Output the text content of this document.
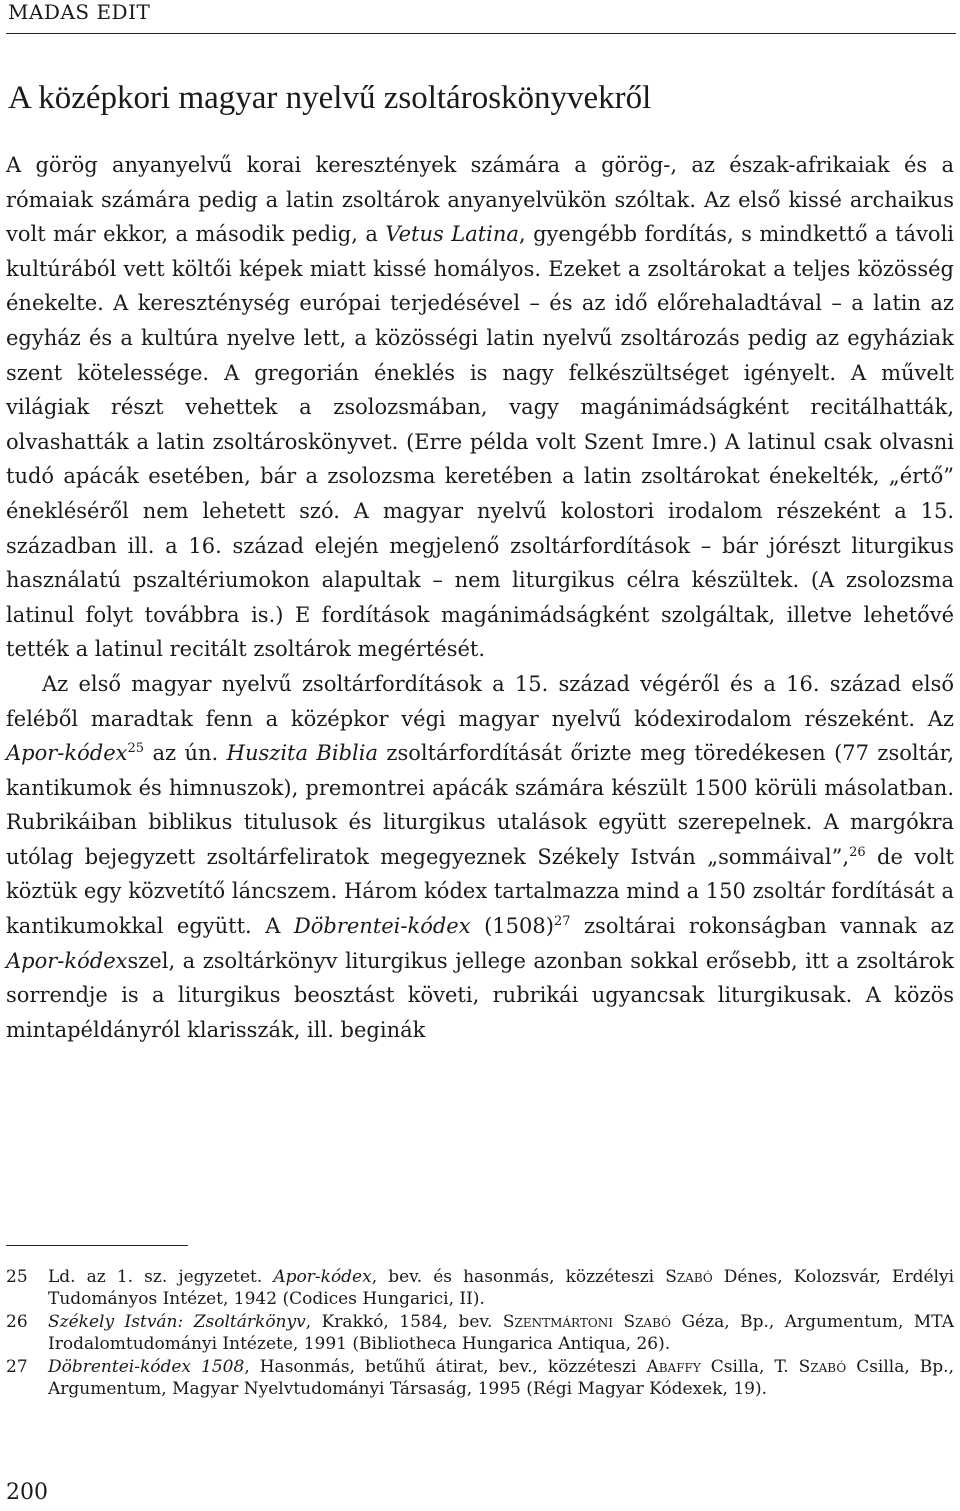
MADAS EDIT
A középkori magyar nyelvű zsoltároskönyvekről

A görög anyanyelvű korai keresztények számára a görög-, az észak-afrikaiak és a rómaiak számára pedig a latin zsoltárok anyanyelvükön szóltak. Az első kissé archaikus volt már ekkor, a második pedig, a Vetus Latina, gyengébb fordítás, s mindkettő a távoli kultúrából vett költői képek miatt kissé homályos. Ezeket a zsoltárokat a teljes közösség énekelte. A kereszténység európai terjedésével – és az idő előrehaladtával – a latin az egyház és a kultúra nyelve lett, a közösségi latin nyelvű zsoltározás pedig az egyháziak szent kötelessége. A gregorián éneklés is nagy felkészültséget igényelt. A művelt világiak részt vehettek a zsolozsmában, vagy magánimádságként recitálhatták, olvashatták a latin zsoltároskönyvet. (Erre példa volt Szent Imre.) A latinul csak olvasni tudó apácák esetében, bár a zsolozsma keretében a latin zsoltárokat énekelték, „értő” énekléséről nem lehetett szó. A magyar nyelvű kolostori irodalom részeként a 15. században ill. a 16. század elején megjelenő zsoltárfordítások – bár jórészt liturgikus használatú pszaltériumokon alapultak – nem liturgikus célra készültek. (A zsolozsma latinul folyt továbbra is.) E fordítások magánimádságként szolgáltak, illetve lehetővé tették a latinul recitált zsoltárok megértését.

Az első magyar nyelvű zsoltárfordítások a 15. század végéről és a 16. század első feléből maradtak fenn a középkor végi magyar nyelvű kódexirodalom részeként. Az Apor-kódex$^{25}$ az ún. Huszita Biblia zsoltárfordítását őrizte meg töredékesen (77 zsoltár, kantikumok és himnuszok), premontrei apácák számára készült 1500 körüli másolatban. Rubrikáiban biblikus titulusok és liturgikus utalások együtt szerepelnek. A margókra utólag bejegyzett zsoltárfeliratok megegyeznek Székely István „sommáival”,$^{26}$ de volt köztük egy közvetítő láncszem. Három kódex tartalmazza mind a 150 zsoltár fordítását a kantikumokkal együtt. A Döbrentei-kódex $(1508)^{27}$ zsoltárai rokonságban vannak az Apor-kódexszel, a zsoltárkönyv liturgikus jellege azonban sokkal erősebb, itt a zsoltárok sorrendje is a liturgikus beosztást követi, rubrikái ugyancsak liturgikusak. A közös mintapéldányról klarisszák, ill. beginák

25	Ld. az 1. sz. jegyzetet. Apor-kódex, bev. és hasonmás, közzéteszi Szabó Dénes, Kolozsvár, Erdélyi Tudományos Intézet, 1942 (Codices Hungarici, II).
26	Székely István: Zsoltárkönyv, Krakkó, 1584, bev. Szentmártoni Szabó Géza, Bp., Argumentum, MTA Irodalomtudományi Intézete, 1991 (Bibliotheca Hungarica Antiqua, 26).
27	Döbrentei-kódex 1508, Hasonmás, betűhű átirat, bev., közzéteszi Abaffy Csilla, T. Szabó Csilla, Bp., Argumentum, Magyar Nyelvtudományi Társaság, 1995 (Régi Magyar Kódexek, 19).
200
